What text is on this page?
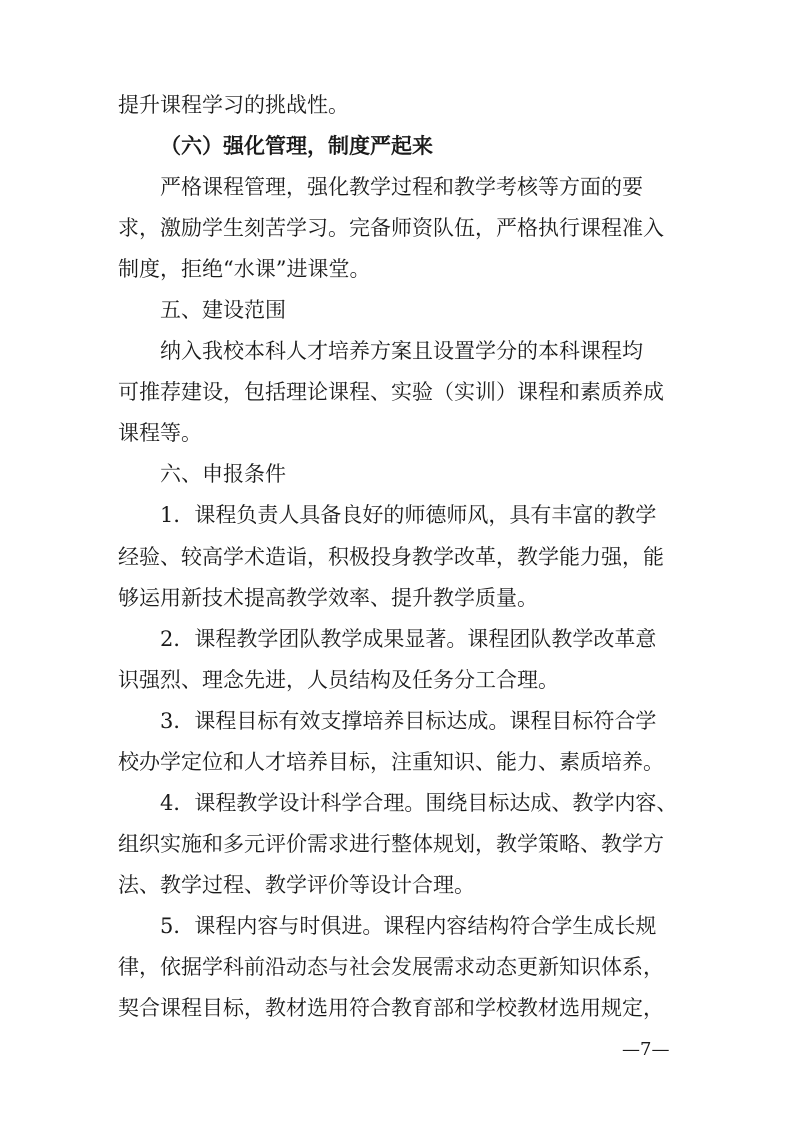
提升课程学习的挑战性。
（六）强化管理，制度严起来
严格课程管理，强化教学过程和教学考核等方面的要
求，激励学生刻苦学习。完备师资队伍，严格执行课程准入
制度，拒绝“水课”进课堂。
五、建设范围
纳入我校本科人才培养方案且设置学分的本科课程均
可推荐建设，包括理论课程、实验（实训）课程和素质养成
课程等。
六、申报条件
1．课程负责人具备良好的师德师风，具有丰富的教学
经验、较高学术造诣，积极投身教学改革，教学能力强，能
够运用新技术提高教学效率、提升教学质量。
2．课程教学团队教学成果显著。课程团队教学改革意
识强烈、理念先进，人员结构及任务分工合理。
3．课程目标有效支撑培养目标达成。课程目标符合学
校办学定位和人才培养目标，注重知识、能力、素质培养。
4．课程教学设计科学合理。围绕目标达成、教学内容、
组织实施和多元评价需求进行整体规划，教学策略、教学方
法、教学过程、教学评价等设计合理。
5．课程内容与时俱进。课程内容结构符合学生成长规
律，依据学科前沿动态与社会发展需求动态更新知识体系，
契合课程目标，教材选用符合教育部和学校教材选用规定，
—7—
